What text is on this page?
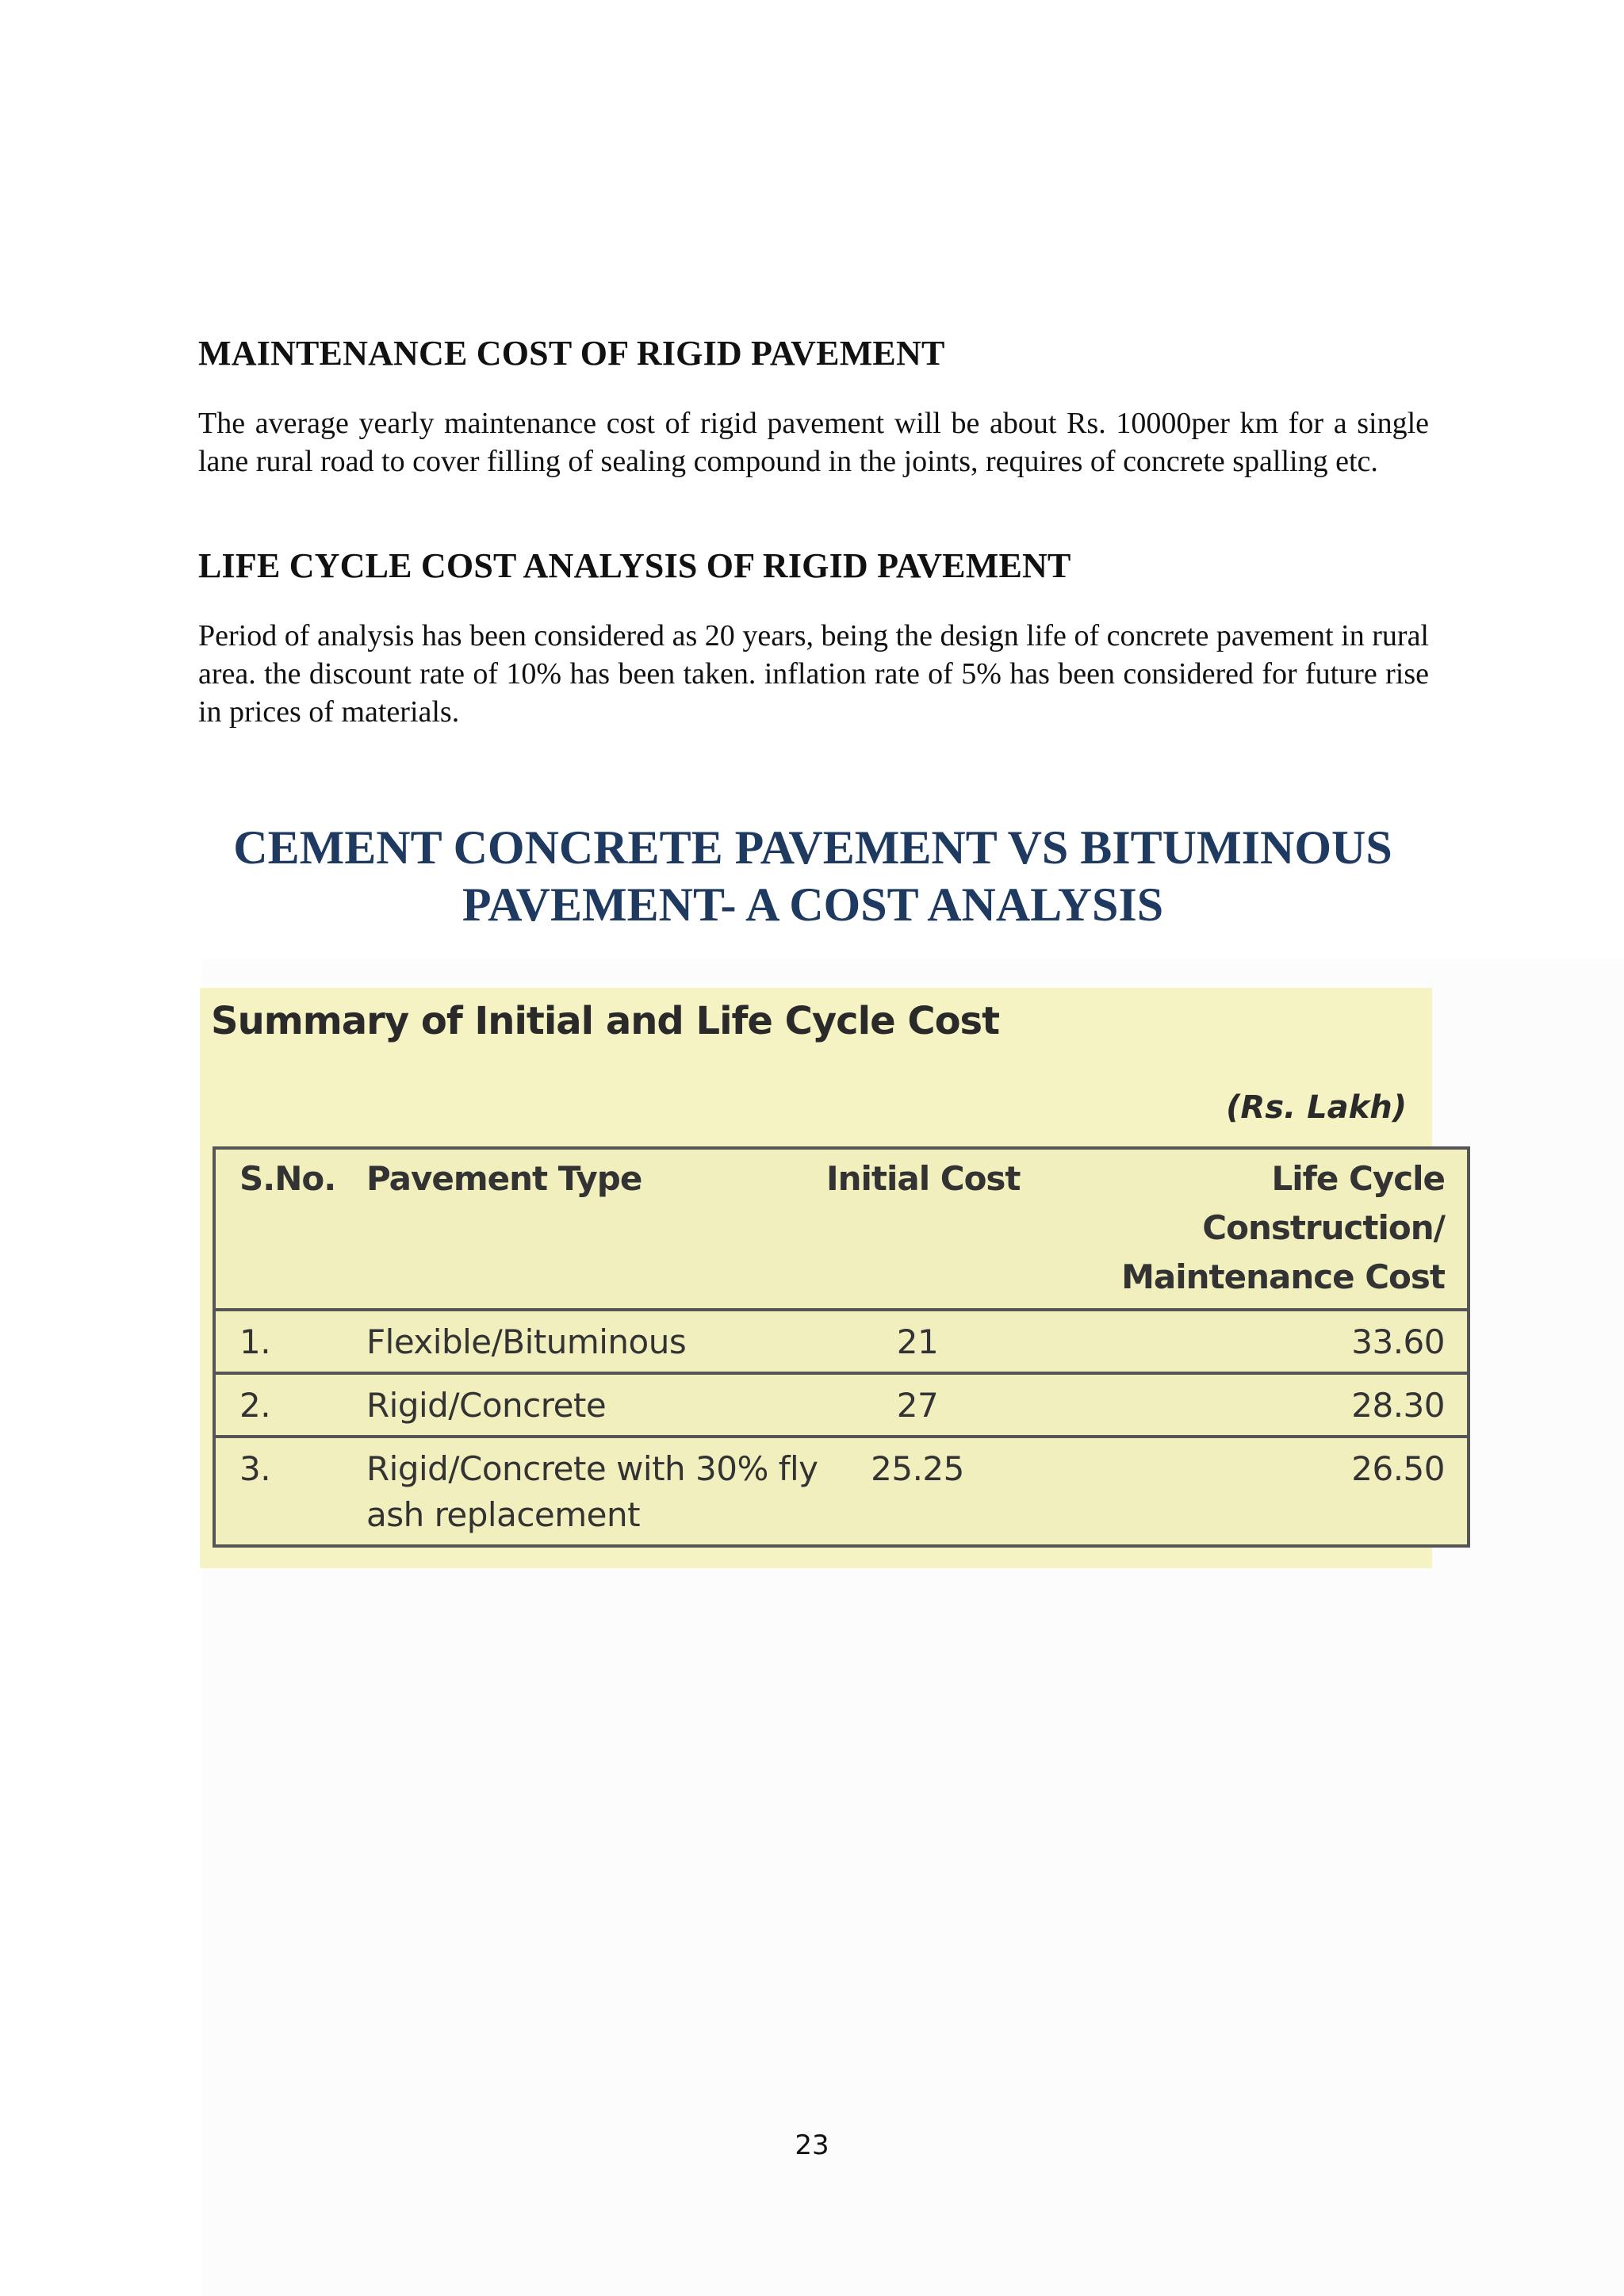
MAINTENANCE COST OF RIGID PAVEMENT

The average yearly maintenance cost of rigid pavement will be about Rs. 10000per km for a single lane rural road to cover filling of sealing compound in the joints, requires of concrete spalling etc.

LIFE CYCLE COST ANALYSIS OF RIGID PAVEMENT

Period of analysis has been considered as 20 years, being the design life of concrete pavement in rural area. the discount rate of 10% has been taken. inflation rate of 5% has been considered for future rise in prices of materials.

CEMENT CONCRETE PAVEMENT VS BITUMINOUS
PAVEMENT- A COST ANALYSIS
Summary of Initial and Life Cycle Cost
(Rs. Lakh)
S.No.	Pavement Type	Initial Cost	Life Cycle
Construction/
Maintenance Cost
1.	Flexible/Bituminous	21	33.60
2.	Rigid/Concrete	27	28.30
3.	Rigid/Concrete with 30% fly
ash replacement	25.25	26.50
23
